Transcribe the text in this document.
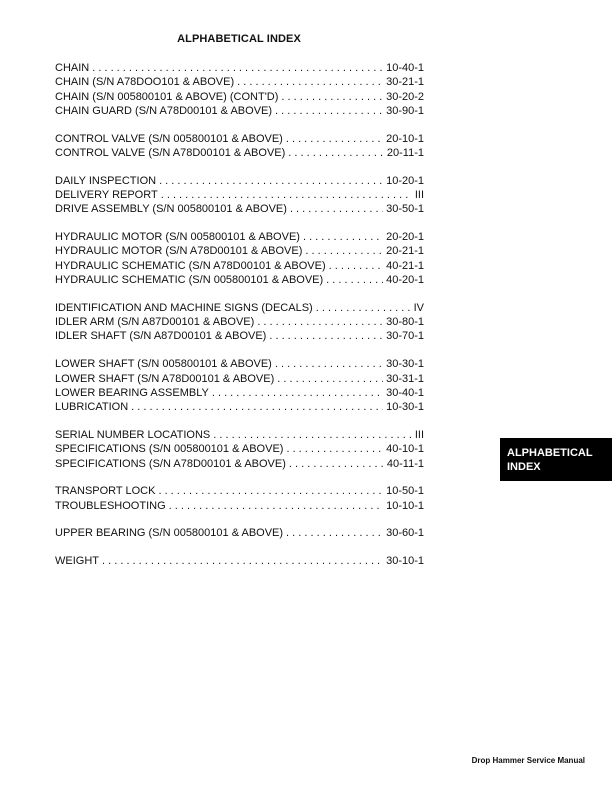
ALPHABETICAL INDEX
CHAIN . . .	10-40-1
CHAIN (S/N A78DOO101 & ABOVE) . . .	30-21-1
CHAIN (S/N 005800101 & ABOVE) (CONT'D) . . .	30-20-2
CHAIN GUARD (S/N A78D00101 & ABOVE) . . .	30-90-1
CONTROL VALVE (S/N 005800101 & ABOVE) . . .	20-10-1
CONTROL VALVE (S/N A78D00101 & ABOVE) . . .	20-11-1
DAILY INSPECTION . . .	10-20-1
DELIVERY REPORT . . .	III
DRIVE ASSEMBLY (S/N 005800101 & ABOVE) . . .	30-50-1
HYDRAULIC MOTOR (S/N 005800101 & ABOVE) . . .	20-20-1
HYDRAULIC MOTOR (S/N A78D00101 & ABOVE) . . .	20-21-1
HYDRAULIC SCHEMATIC (S/N A78D00101 & ABOVE) . . .	40-21-1
HYDRAULIC SCHEMATIC (S/N 005800101 & ABOVE) . . .	40-20-1
IDENTIFICATION AND MACHINE SIGNS (DECALS) . . .	IV
IDLER ARM (S/N A87D00101 & ABOVE) . . .	30-80-1
IDLER SHAFT (S/N A87D00101 & ABOVE) . . .	30-70-1
LOWER SHAFT (S/N 005800101 & ABOVE) . . .	30-30-1
LOWER SHAFT (S/N A78D00101 & ABOVE) . . .	30-31-1
LOWER BEARING ASSEMBLY . . .	30-40-1
LUBRICATION . . .	10-30-1
SERIAL NUMBER LOCATIONS . . .	III
SPECIFICATIONS (S/N 005800101 & ABOVE) . . .	40-10-1
SPECIFICATIONS (S/N A78D00101 & ABOVE) . . .	40-11-1
TRANSPORT LOCK . . .	10-50-1
TROUBLESHOOTING . . .	10-10-1
UPPER BEARING (S/N 005800101 & ABOVE) . . .	30-60-1
WEIGHT . . .	30-10-1
ALPHABETICAL
INDEX
Drop Hammer Service Manual
